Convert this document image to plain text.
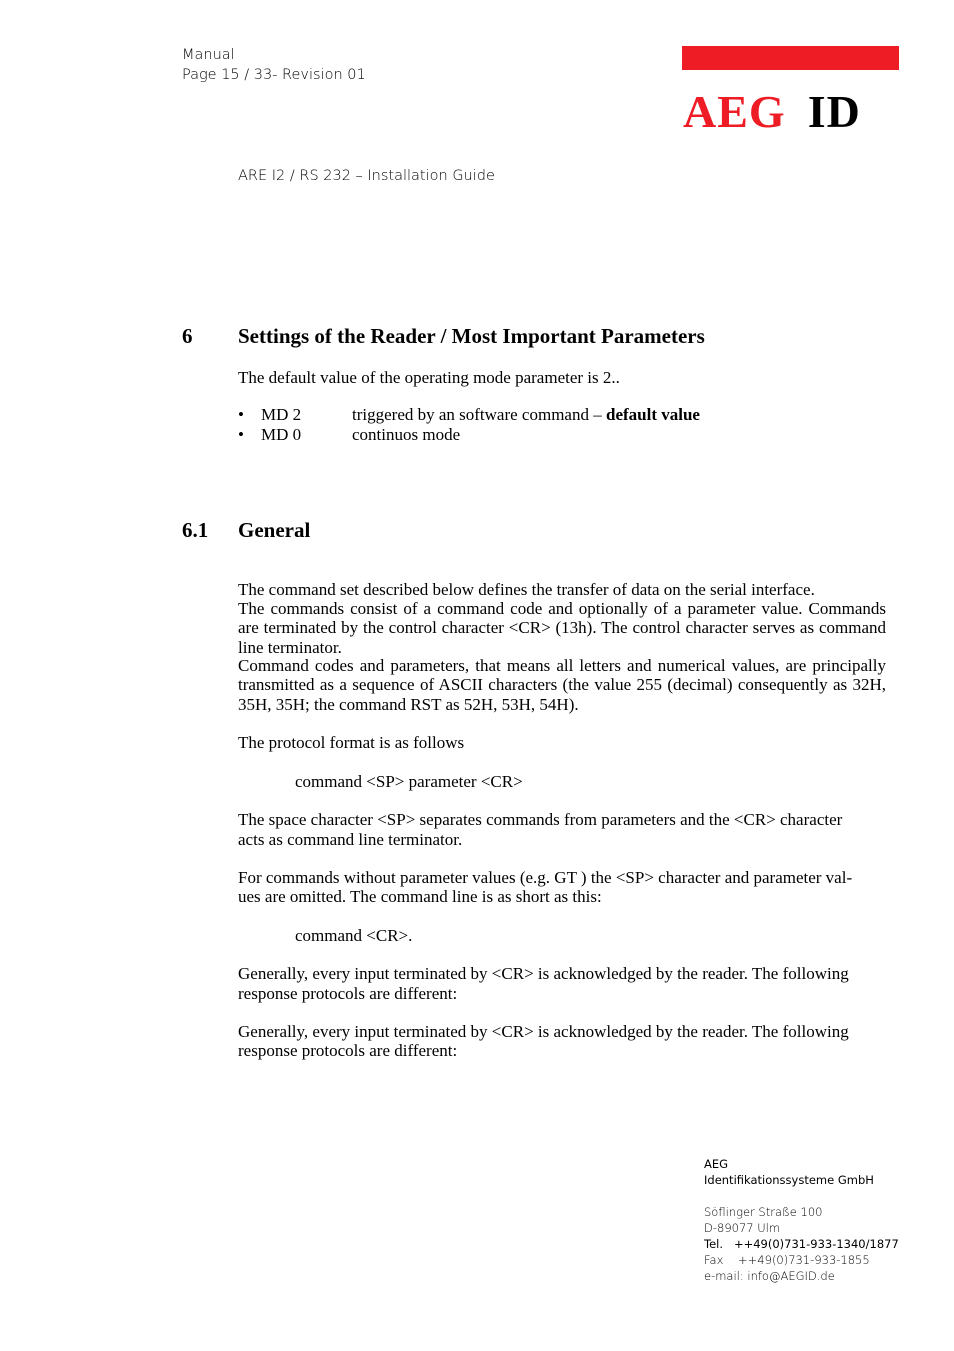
Manual
Page 15 / 33- Revision 01
ARE I2 / RS 232 – Installation Guide
AEG ID
6 Settings of the Reader / Most Important Parameters
The default value of the operating mode parameter is 2..
• MD 2	triggered by an software command – default value
• MD 0	continuos mode
6.1 General
The command set described below defines the transfer of data on the serial interface.
The commands consist of a command code and optionally of a parameter value. Commands are terminated by the control character <CR> (13h). The control character serves as command line terminator.
Command codes and parameters, that means all letters and numerical values, are principally transmitted as a sequence of ASCII characters (the value 255 (decimal) consequently as 32H, 35H, 35H; the command RST as 52H, 53H, 54H).
The protocol format is as follows
command <SP> parameter <CR>
The space character <SP> separates commands from parameters and the <CR> character
acts as command line terminator.
For commands without parameter values (e.g. GT ) the <SP> character and parameter val-
ues are omitted. The command line is as short as this:
command <CR>.
Generally, every input terminated by <CR> is acknowledged by the reader. The following
response protocols are different:
Generally, every input terminated by <CR> is acknowledged by the reader. The following
response protocols are different:
AEG
Identifikationssysteme GmbH
Söflinger Straße 100
D-89077 Ulm
Tel.   ++49(0)731-933-1340/1877
Fax    ++49(0)731-933-1855
e-mail: info@AEGID.de
